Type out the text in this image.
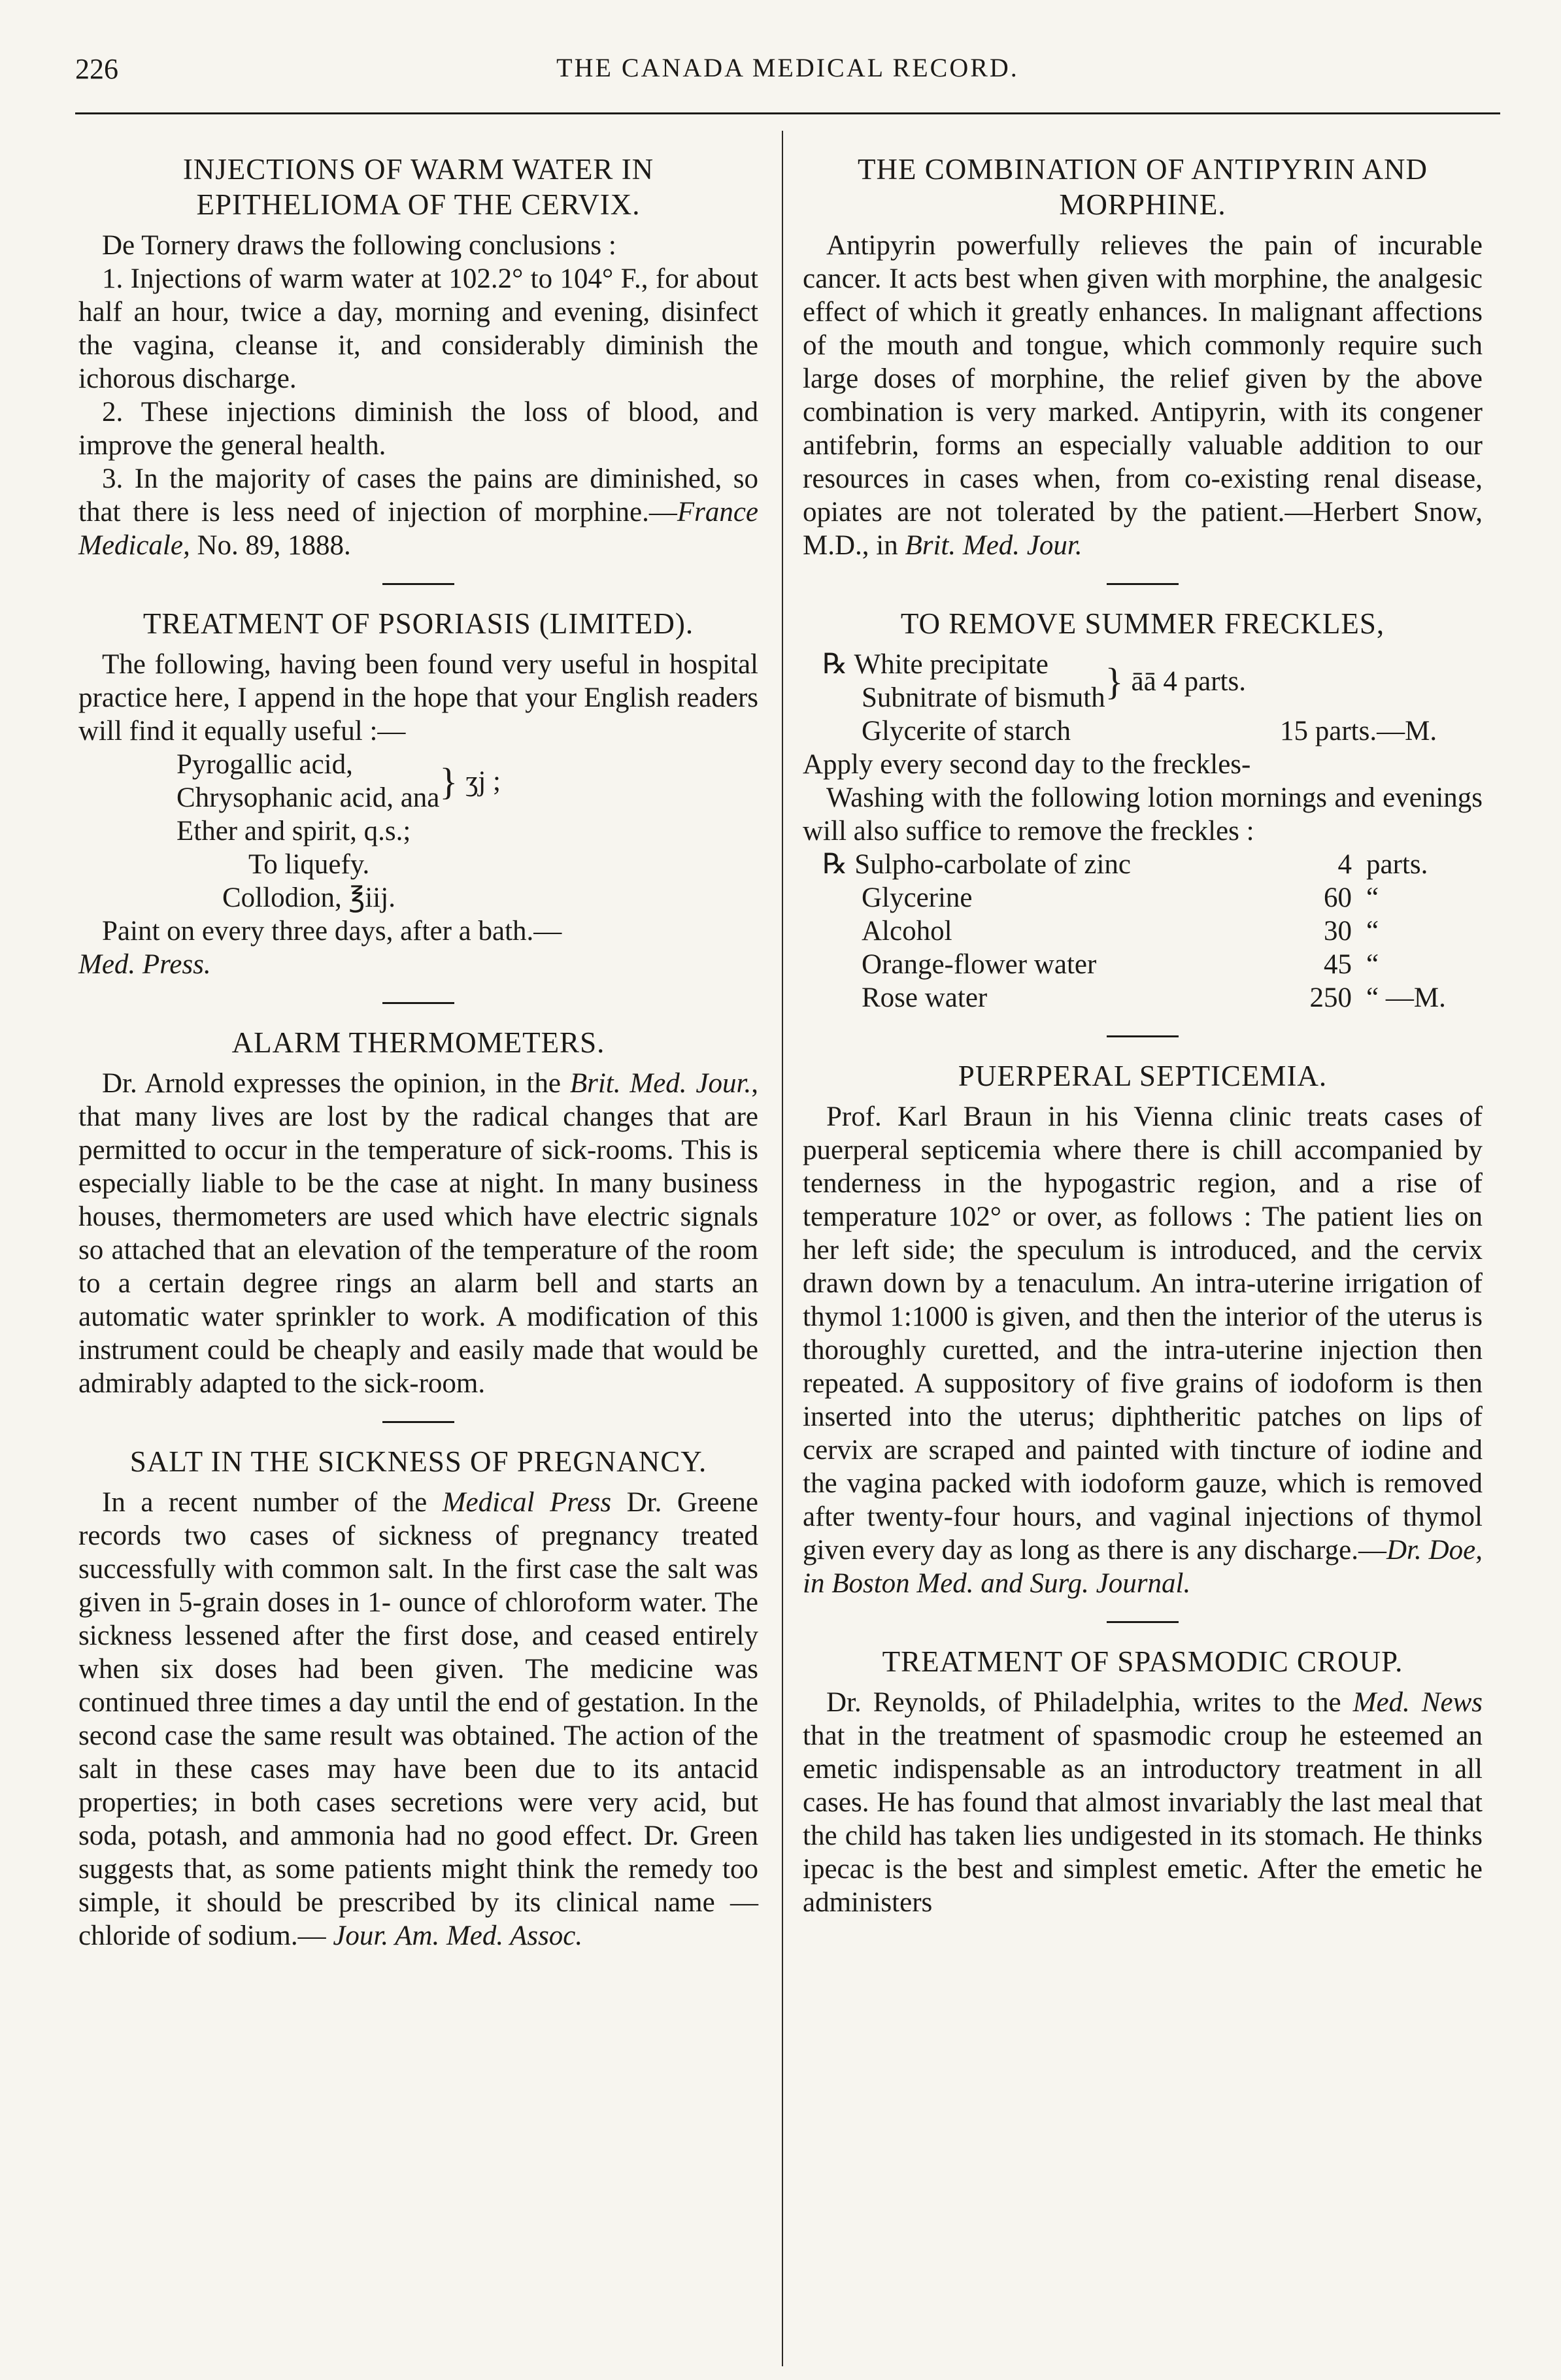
226	THE CANADA MEDICAL RECORD.
INJECTIONS OF WARM WATER IN EPITHELIOMA OF THE CERVIX.

De Tornery draws the following conclusions :

1. Injections of warm water at 102.2° to 104° F., for about half an hour, twice a day, morning and evening, disinfect the vagina, cleanse it, and considerably diminish the ichorous discharge.

2. These injections diminish the loss of blood, and improve the general health.

3. In the majority of cases the pains are diminished, so that there is less need of injection of morphine.—France Medicale, No. 89, 1888.

TREATMENT OF PSORIASIS (LIMITED).

The following, having been found very useful in hospital practice here, I append in the hope that your English readers will find it equally useful :—

Pyrogallic acid,	} ʒj ;
Chrysophanic acid, ana
Ether and spirit, q.s.;
To liquefy.
Collodion, ℥iij.

Paint on every three days, after a bath.—
Med. Press.

ALARM THERMOMETERS.

Dr. Arnold expresses the opinion, in the Brit. Med. Jour., that many lives are lost by the radical changes that are permitted to occur in the temperature of sick-rooms. This is especially liable to be the case at night. In many business houses, thermometers are used which have electric signals so attached that an elevation of the temperature of the room to a certain degree rings an alarm bell and starts an automatic water sprinkler to work. A modification of this instrument could be cheaply and easily made that would be admirably adapted to the sick-room.

SALT IN THE SICKNESS OF PREGNANCY.

In a recent number of the Medical Press Dr. Greene records two cases of sickness of pregnancy treated successfully with common salt. In the first case the salt was given in 5-grain doses in 1- ounce of chloroform water. The sickness lessened after the first dose, and ceased entirely when six doses had been given. The medicine was continued three times a day until the end of gestation. In the second case the same result was obtained. The action of the salt in these cases may have been due to its antacid properties; in both cases secretions were very acid, but soda, potash, and ammonia had no good effect. Dr. Green suggests that, as some patients might think the remedy too simple, it should be prescribed by its clinical name —chloride of sodium.— Jour. Am. Med. Assoc.

THE COMBINATION OF ANTIPYRIN AND MORPHINE.

Antipyrin powerfully relieves the pain of incurable cancer. It acts best when given with morphine, the analgesic effect of which it greatly enhances. In malignant affections of the mouth and tongue, which commonly require such large doses of morphine, the relief given by the above combination is very marked. Antipyrin, with its congener antifebrin, forms an especially valuable addition to our resources in cases when, from co-existing renal disease, opiates are not tolerated by the patient.—Herbert Snow, M.D., in Brit. Med. Jour.

TO REMOVE SUMMER FRECKLES,
℞ White precipitate	} āā 4 parts.
Subnitrate of bismuth
Glycerite of starch	15 parts.—M.

Apply every second day to the freckles-

Washing with the following lotion mornings and evenings will also suffice to remove the freckles :

℞ Sulpho-carbolate of zinc	4	parts.
Glycerine	60	“
Alcohol	30	“
Orange-flower water	45	“
Rose water	250	“ —M.
PUERPERAL SEPTICEMIA.

Prof. Karl Braun in his Vienna clinic treats cases of puerperal septicemia where there is chill accompanied by tenderness in the hypogastric region, and a rise of temperature 102° or over, as follows : The patient lies on her left side; the speculum is introduced, and the cervix drawn down by a tenaculum. An intra-uterine irrigation of thymol 1:1000 is given, and then the interior of the uterus is thoroughly curetted, and the intra-uterine injection then repeated. A suppository of five grains of iodoform is then inserted into the uterus; diphtheritic patches on lips of cervix are scraped and painted with tincture of iodine and the vagina packed with iodoform gauze, which is removed after twenty-four hours, and vaginal injections of thymol given every day as long as there is any discharge.—Dr. Doe, in Boston Med. and Surg. Journal.

TREATMENT OF SPASMODIC CROUP.

Dr. Reynolds, of Philadelphia, writes to the Med. News that in the treatment of spasmodic croup he esteemed an emetic indispensable as an introductory treatment in all cases. He has found that almost invariably the last meal that the child has taken lies undigested in its stomach. He thinks ipecac is the best and simplest emetic. After the emetic he administers
